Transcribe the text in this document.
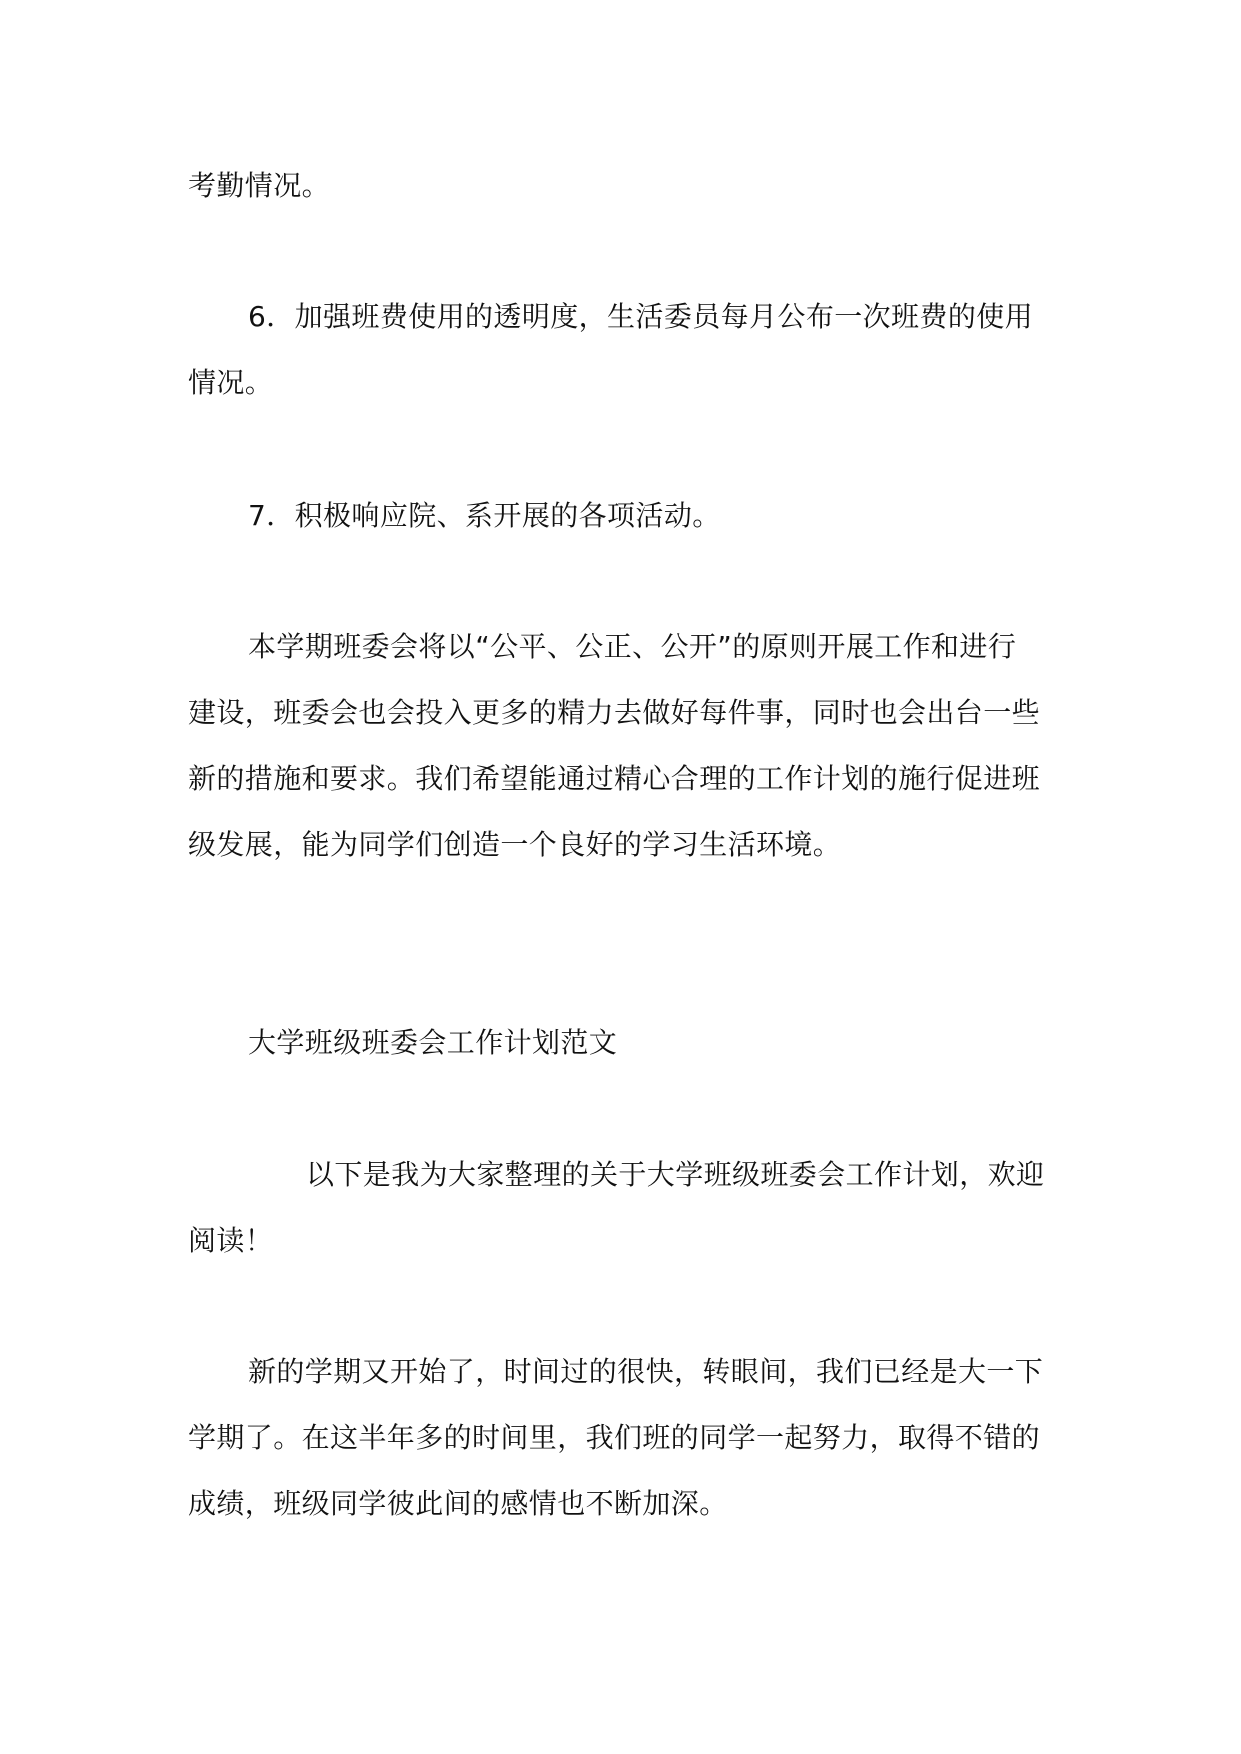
考勤情况。
6．加强班费使用的透明度，生活委员每月公布一次班费的使用
情况。
7．积极响应院、系开展的各项活动。
本学期班委会将以“公平、公正、公开”的原则开展工作和进行
建设，班委会也会投入更多的精力去做好每件事，同时也会出台一些
新的措施和要求。我们希望能通过精心合理的工作计划的施行促进班
级发展，能为同学们创造一个良好的学习生活环境。
大学班级班委会工作计划范文
以下是我为大家整理的关于大学班级班委会工作计划，欢迎
阅读！
新的学期又开始了，时间过的很快，转眼间，我们已经是大一下
学期了。在这半年多的时间里，我们班的同学一起努力，取得不错的
成绩，班级同学彼此间的感情也不断加深。
